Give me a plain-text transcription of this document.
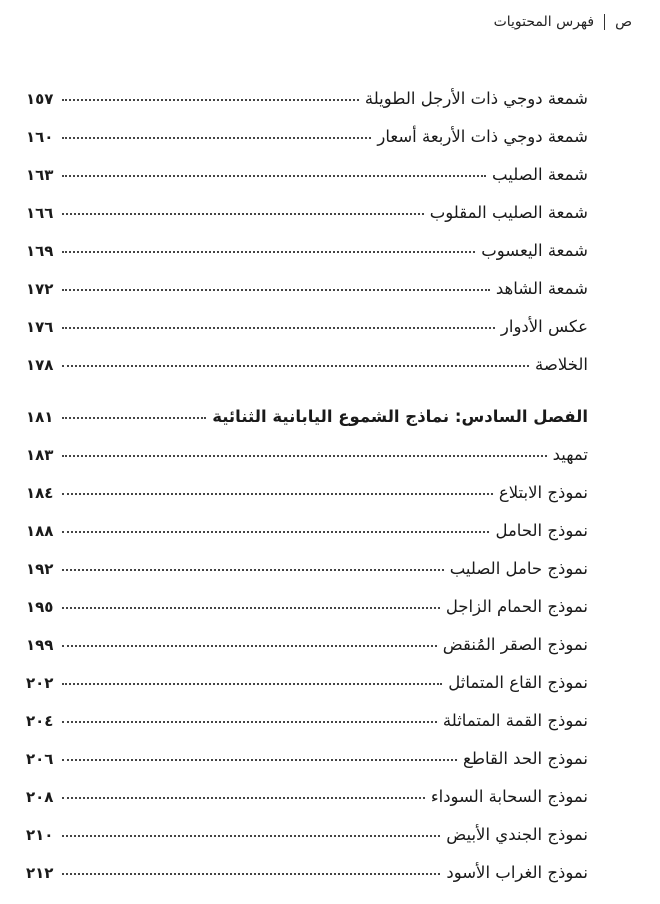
ص
فهرس المحتويات
شمعة دوجي ذات الأرجل الطويلة
١٥٧
شمعة دوجي ذات الأربعة أسعار
١٦٠
شمعة الصليب
١٦٣
شمعة الصليب المقلوب
١٦٦
شمعة اليعسوب
١٦٩
شمعة الشاهد
١٧٢
عكس الأدوار
١٧٦
الخلاصة
١٧٨
الفصل السادس: نماذج الشموع اليابانية الثنائية
١٨١
تمهيد
١٨٣
نموذج الابتلاع
١٨٤
نموذج الحامل
١٨٨
نموذج حامل الصليب
١٩٢
نموذج الحمام الزاجل
١٩٥
نموذج الصقر المُنقض
١٩٩
نموذج القاع المتماثل
٢٠٢
نموذج القمة المتماثلة
٢٠٤
نموذج الحد القاطع
٢٠٦
نموذج السحابة السوداء
٢٠٨
نموذج الجندي الأبيض
٢١٠
نموذج الغراب الأسود
٢١٢
